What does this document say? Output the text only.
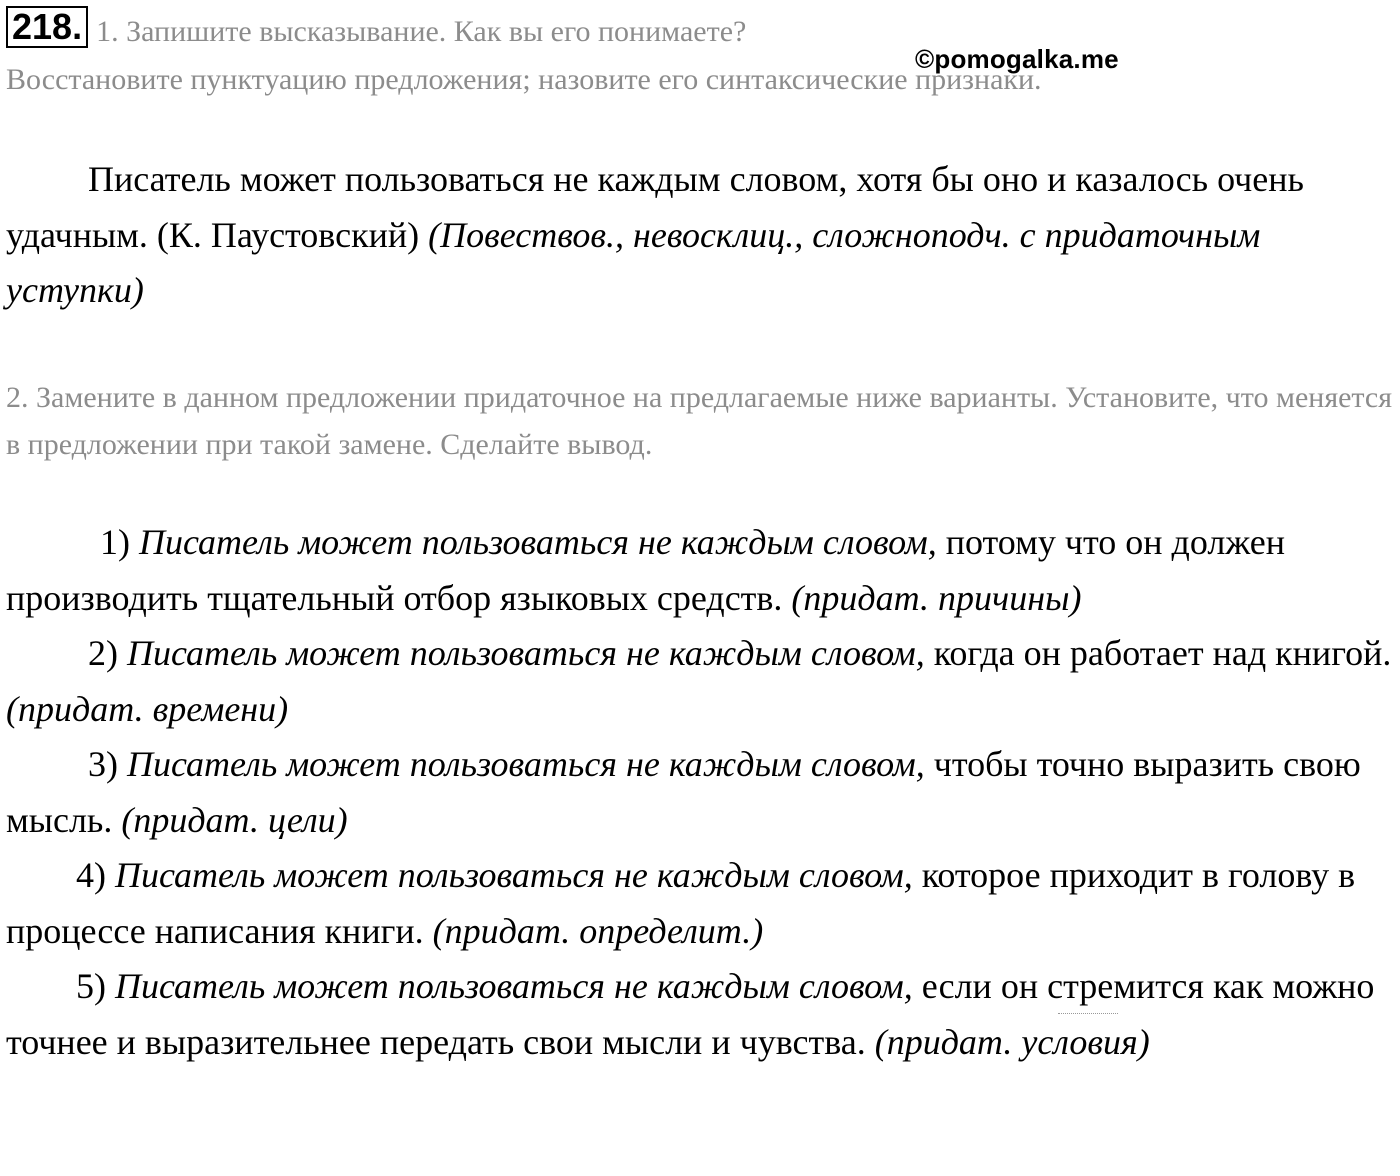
218. 1. Запишите высказывание. Как вы его понимаете?
Восстановите пунктуацию предложения; назовите его синтаксические признаки.
©pomogalka.me
Писатель может пользоваться не каждым словом, хотя бы оно и казалось очень удачным. (К. Паустовский) (Повествов., невосклиц., сложноподч. с придаточным уступки)
2. Замените в данном предложении придаточное на предлагаемые ниже варианты. Установите, что меняется в предложении при такой замене. Сделайте вывод.

1) Писатель может пользоваться не каждым словом, потому что он должен производить тщательный отбор языковых средств. (придат. причины)

2) Писатель может пользоваться не каждым словом, когда он работает над книгой. (придат. времени)

3) Писатель может пользоваться не каждым словом, чтобы точно выразить свою мысль. (придат. цели)

4) Писатель может пользоваться не каждым словом, которое приходит в голову в процессе написания книги. (придат. определит.)

5) Писатель может пользоваться не каждым словом, если он стремится как можно точнее и выразительнее передать свои мысли и чувства. (придат. условия)
